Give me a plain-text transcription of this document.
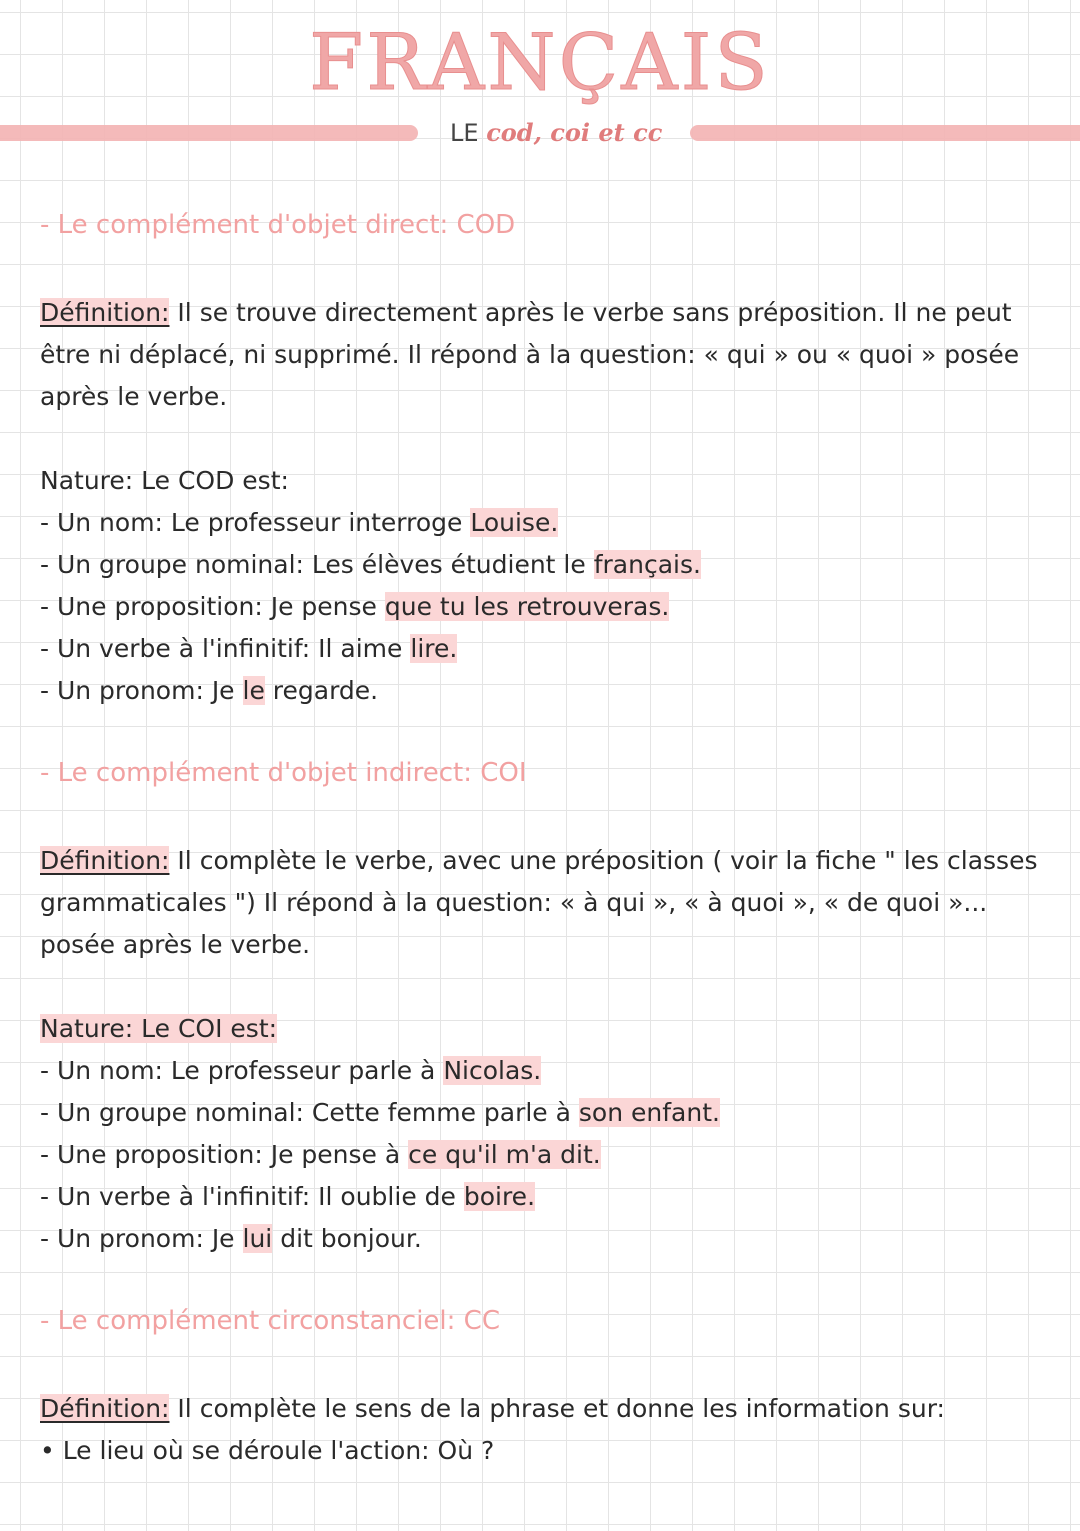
FRANÇAIS
LE cod, coi et cc
- Le complément d'objet direct: COD
Définition: Il se trouve directement après le verbe sans préposition. Il ne peut être ni déplacé, ni supprimé. Il répond à la question: « qui » ou « quoi » posée après le verbe.
Nature: Le COD est:
- Un nom: Le professeur interroge Louise.
- Un groupe nominal: Les élèves étudient le français.
- Une proposition: Je pense que tu les retrouveras.
- Un verbe à l'infinitif: Il aime lire.
- Un pronom: Je le regarde.
- Le complément d'objet indirect: COI
Définition: Il complète le verbe, avec une préposition ( voir la fiche " les classes grammaticales ") Il répond à la question: « à qui », « à quoi », « de quoi »... posée après le verbe.
Nature: Le COI est:
- Un nom: Le professeur parle à Nicolas.
- Un groupe nominal: Cette femme parle à son enfant.
- Une proposition: Je pense à ce qu'il m'a dit.
- Un verbe à l'infinitif: Il oublie de boire.
- Un pronom: Je lui dit bonjour.
- Le complément circonstanciel: CC
Définition: Il complète le sens de la phrase et donne les information sur:
• Le lieu où se déroule l'action: Où ?
